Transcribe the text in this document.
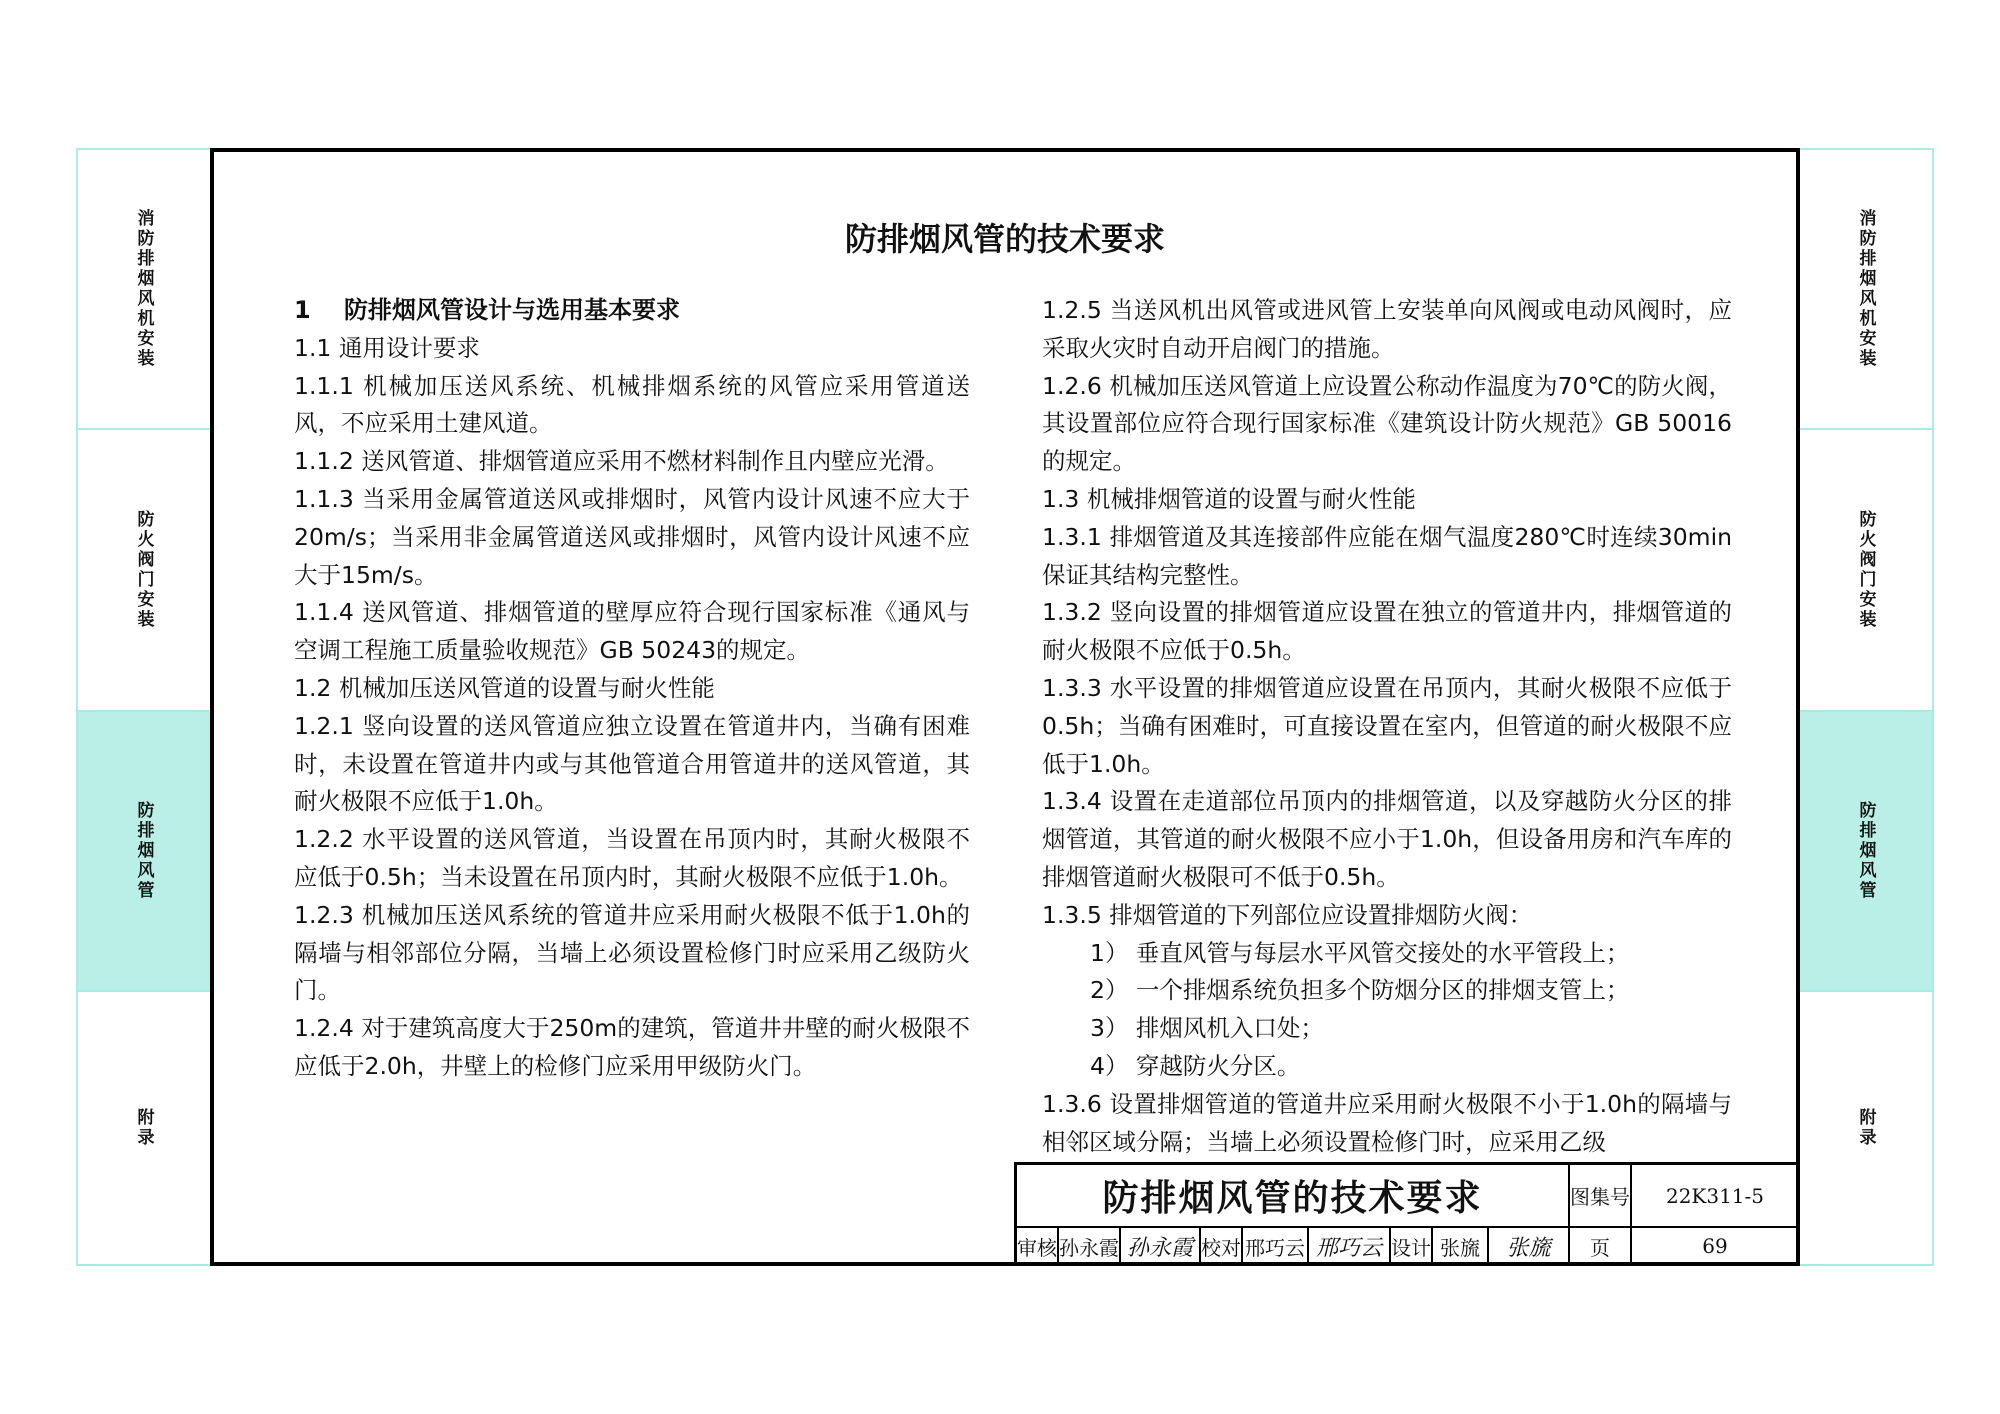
消防排烟风机安装
防火阀门安装
防排烟风管
附录
消防排烟风机安装
防火阀门安装
防排烟风管
附录
防排烟风管的技术要求

1 防排烟风管设计与选用基本要求

1.1 通用设计要求

1.1.1 机械加压送风系统、机械排烟系统的风管应采用管道送风，不应采用土建风道。

1.1.2 送风管道、排烟管道应采用不燃材料制作且内壁应光滑。

1.1.3 当采用金属管道送风或排烟时，风管内设计风速不应大于20m/s；当采用非金属管道送风或排烟时，风管内设计风速不应大于15m/s。

1.1.4 送风管道、排烟管道的壁厚应符合现行国家标准《通风与空调工程施工质量验收规范》GB 50243的规定。

1.2 机械加压送风管道的设置与耐火性能

1.2.1 竖向设置的送风管道应独立设置在管道井内，当确有困难时，未设置在管道井内或与其他管道合用管道井的送风管道，其耐火极限不应低于1.0h。

1.2.2 水平设置的送风管道，当设置在吊顶内时，其耐火极限不应低于0.5h；当未设置在吊顶内时，其耐火极限不应低于1.0h。

1.2.3 机械加压送风系统的管道井应采用耐火极限不低于1.0h的隔墙与相邻部位分隔，当墙上必须设置检修门时应采用乙级防火门。

1.2.4 对于建筑高度大于250m的建筑，管道井井壁的耐火极限不应低于2.0h，井壁上的检修门应采用甲级防火门。

1.2.5 当送风机出风管或进风管上安装单向风阀或电动风阀时，应采取火灾时自动开启阀门的措施。

1.2.6 机械加压送风管道上应设置公称动作温度为70℃的防火阀，其设置部位应符合现行国家标准《建筑设计防火规范》GB 50016的规定。

1.3 机械排烟管道的设置与耐火性能

1.3.1 排烟管道及其连接部件应能在烟气温度280℃时连续30min保证其结构完整性。

1.3.2 竖向设置的排烟管道应设置在独立的管道井内，排烟管道的耐火极限不应低于0.5h。

1.3.3 水平设置的排烟管道应设置在吊顶内，其耐火极限不应低于0.5h；当确有困难时，可直接设置在室内，但管道的耐火极限不应低于1.0h。

1.3.4 设置在走道部位吊顶内的排烟管道，以及穿越防火分区的排烟管道，其管道的耐火极限不应小于1.0h，但设备用房和汽车库的排烟管道耐火极限可不低于0.5h。

1.3.5 排烟管道的下列部位应设置排烟防火阀：

1） 垂直风管与每层水平风管交接处的水平管段上；

2） 一个排烟系统负担多个防烟分区的排烟支管上；

3） 排烟风机入口处；

4） 穿越防火分区。

1.3.6 设置排烟管道的管道井应采用耐火极限不小于1.0h的隔墙与相邻区域分隔；当墙上必须设置检修门时，应采用乙级

防排烟风管的技术要求	图集号	22K311-5
审核 孙永霞 孙永霞 校对 邢巧云 邢巧云 设计 张旒	张旒	页	69
